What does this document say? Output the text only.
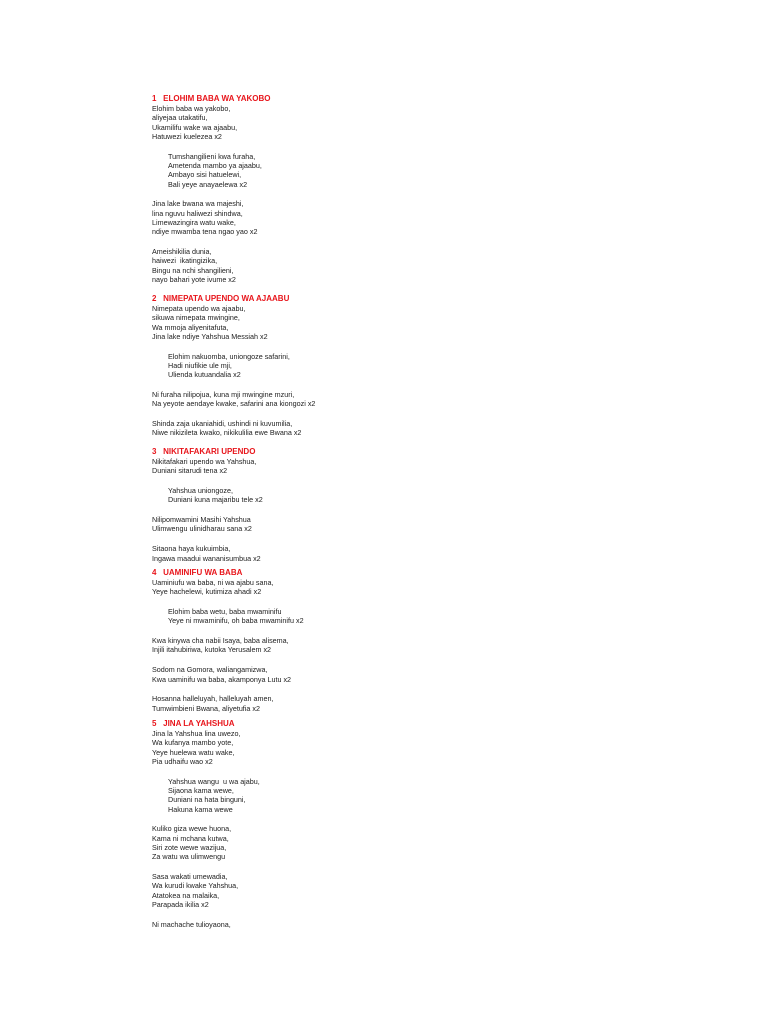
1   ELOHIM BABA WA YAKOBO
Elohim baba wa yakobo,
aliyejaa utakatifu,
Ukamilifu wake wa ajaabu,
Hatuwezi kuelezea x2
Tumshangilieni kwa furaha,
Ametenda mambo ya ajaabu,
Ambayo sisi hatuelewi,
Bali yeye anayaelewa x2
Jina lake bwana wa majeshi,
lina nguvu haliwezi shindwa,
Limewazingira watu wake,
ndiye mwamba tena ngao yao x2
Ameishikilia dunia,
haiwezi  ikatingizika,
Bingu na nchi shangilieni,
nayo bahari yote ivume x2
2   NIMEPATA UPENDO WA AJAABU
Nimepata upendo wa ajaabu,
sikuwa nimepata mwingine,
Wa mmoja aliyenitafuta,
Jina lake ndiye Yahshua Messiah x2
Elohim nakuomba, uniongoze safarini,
Hadi niufikie ule mji,
Ulienda kutuandalia x2
Ni furaha nilipojua, kuna mji mwingine mzuri,
Na yeyote aendaye kwake, safarini ana kiongozi x2
Shinda zaja ukaniahidi, ushindi ni kuvumilia,
Niwe nikizileta kwako, nikikulilia ewe Bwana x2
3   NIKITAFAKARI UPENDO
Nikitafakari upendo wa Yahshua,
Duniani sitarudi tena x2
Yahshua uniongoze,
Duniani kuna majaribu tele x2
Nilipomwamini Masihi Yahshua
Ulimwengu ulinidharau sana x2
Sitaona haya kukuimbia,
Ingawa maadui wananisumbua x2
4   UAMINIFU WA BABA
Uaminiufu wa baba, ni wa ajabu sana,
Yeye hachelewi, kutimiza ahadi x2
Elohim baba wetu, baba mwaminifu
Yeye ni mwaminifu, oh baba mwaminifu x2
Kwa kinywa cha nabii Isaya, baba alisema,
Injili itahubiriwa, kutoka Yerusalem x2
Sodom na Gomora, waliangamizwa,
Kwa uaminifu wa baba, akamponya Lutu x2
Hosanna halleluyah, halleluyah amen,
Tumwimbieni Bwana, aliyetufia x2
5   JINA LA YAHSHUA
Jina la Yahshua lina uwezo,
Wa kufanya mambo yote,
Yeye huelewa watu wake,
Pia udhaifu wao x2
Yahshua wangu  u wa ajabu,
Sijaona kama wewe,
Duniani na hata binguni,
Hakuna kama wewe
Kuliko giza wewe huona,
Kama ni mchana kutwa,
Siri zote wewe wazijua,
Za watu wa ulimwengu
Sasa wakati umewadia,
Wa kurudi kwake Yahshua,
Atatokea na malaika,
Parapada ikilia x2
Ni machache tulioyaona,
